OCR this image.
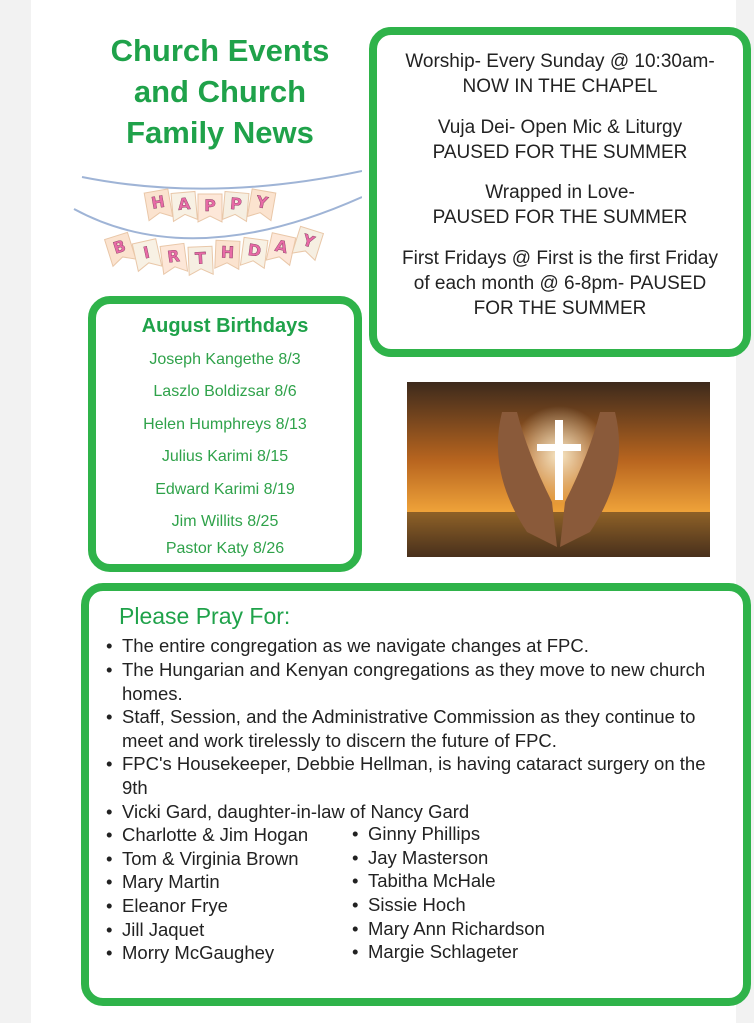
Church Events
and Church
Family News
H A P P Y
B I R T H D A Y
Worship- Every Sunday @ 10:30am-
NOW IN THE CHAPEL
Vuja Dei- Open Mic & Liturgy
PAUSED FOR THE SUMMER
Wrapped in Love-
PAUSED FOR THE SUMMER
First Fridays @ First is the first Friday
of each month @ 6-8pm- PAUSED
FOR THE SUMMER
August Birthdays
Joseph Kangethe 8/3
Laszlo Boldizsar 8/6
Helen Humphreys 8/13
Julius Karimi 8/15
Edward Karimi 8/19
Jim Willits 8/25
Pastor Katy 8/26
Please Pray For:
• The entire congregation as we navigate changes at FPC.
• The Hungarian and Kenyan congregations as they move to new church
homes.
• Staff, Session, and the Administrative Commission as they continue to
meet and work tirelessly to discern the future of FPC.
• FPC's Housekeeper, Debbie Hellman, is having cataract surgery on the
9th
• Vicki Gard, daughter-in-law of Nancy Gard
• Charlotte & Jim Hogan
• Tom & Virginia Brown
• Mary Martin
• Eleanor Frye
• Jill Jaquet
• Morry McGaughey
• Ginny Phillips
• Jay Masterson
• Tabitha McHale
• Sissie Hoch
• Mary Ann Richardson
• Margie Schlageter
